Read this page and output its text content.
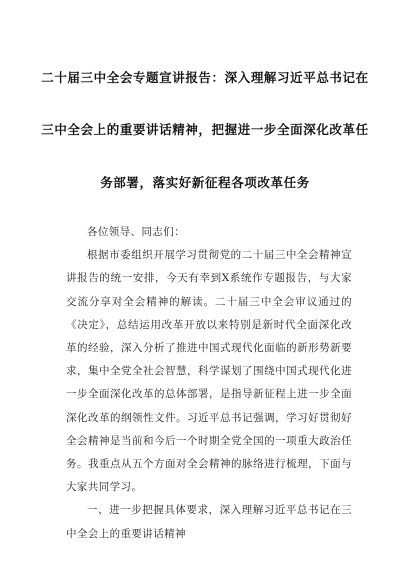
二十届三中全会专题宣讲报告：深入理解习近平总书记在
三中全会上的重要讲话精神，把握进一步全面深化改革任
务部署，落实好新征程各项改革任务

各位领导、同志们：

根据市委组织开展学习贯彻党的二十届三中全会精神宣讲报告的统一安排，今天有幸到X系统作专题报告，与大家交流分享对全会精神的解读。二十届三中全会审议通过的《决定》，总结运用改革开放以来特别是新时代全面深化改革的经验，深入分析了推进中国式现代化面临的新形势新要求，集中全党全社会智慧，科学谋划了围绕中国式现代化进一步全面深化改革的总体部署，是指导新征程上进一步全面深化改革的纲领性文件。习近平总书记强调，学习好贯彻好全会精神是当前和今后一个时期全党全国的一项重大政治任务。我重点从五个方面对全会精神的脉络进行梳理，下面与大家共同学习。

一、进一步把握具体要求，深入理解习近平总书记在三中全会上的重要讲话精神
